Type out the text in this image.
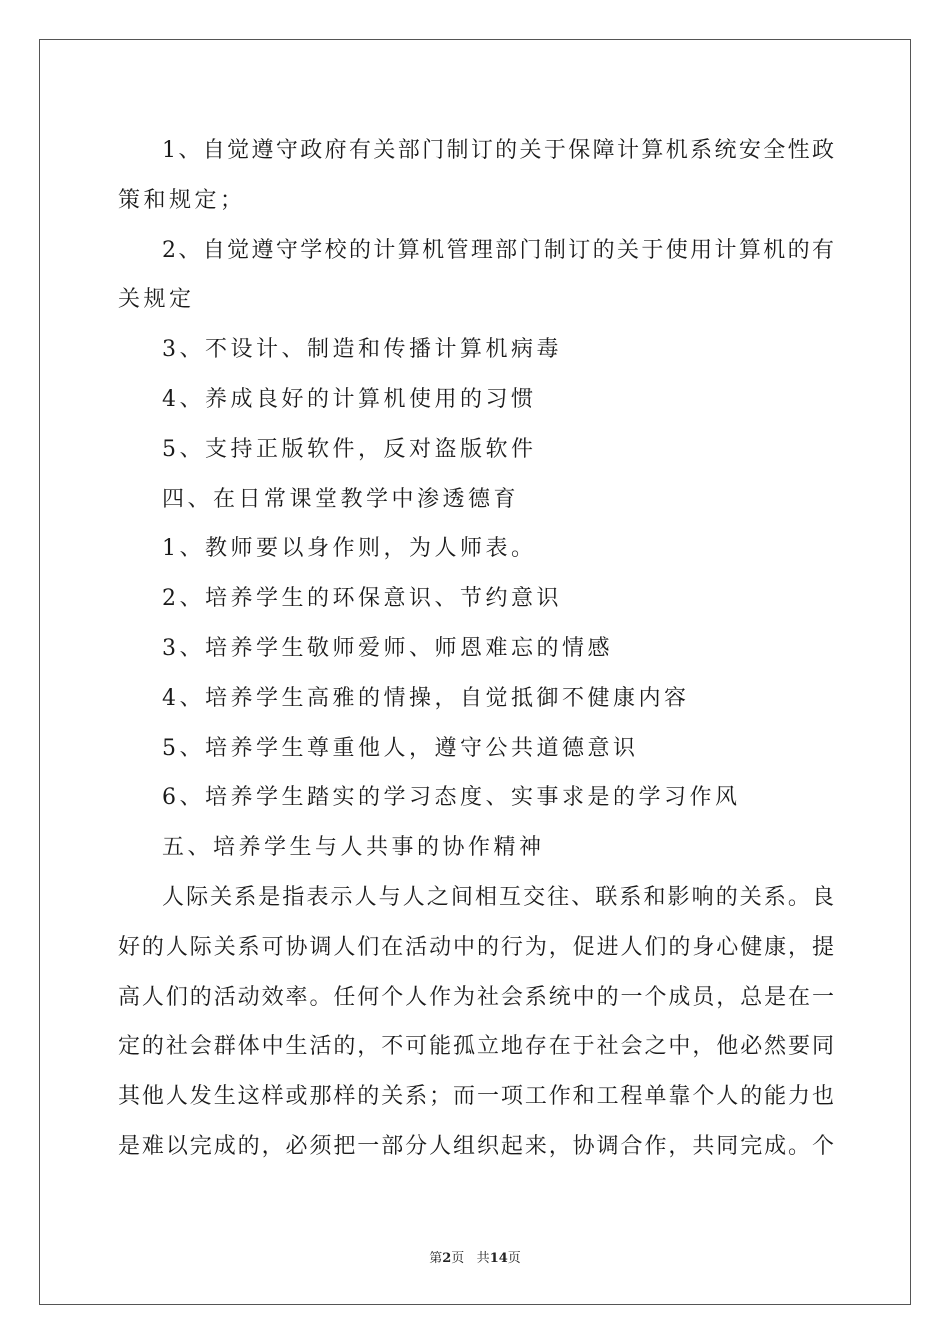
1、自觉遵守政府有关部门制订的关于保障计算机系统安全性政
策和规定；
2、自觉遵守学校的计算机管理部门制订的关于使用计算机的有
关规定
3、不设计、制造和传播计算机病毒
4、养成良好的计算机使用的习惯
5、支持正版软件，反对盗版软件
四、在日常课堂教学中渗透德育
1、教师要以身作则，为人师表。
2、培养学生的环保意识、节约意识
3、培养学生敬师爱师、师恩难忘的情感
4、培养学生高雅的情操，自觉抵御不健康内容
5、培养学生尊重他人，遵守公共道德意识
6、培养学生踏实的学习态度、实事求是的学习作风
五、培养学生与人共事的协作精神
人际关系是指表示人与人之间相互交往、联系和影响的关系。良
好的人际关系可协调人们在活动中的行为，促进人们的身心健康，提
高人们的活动效率。任何个人作为社会系统中的一个成员，总是在一
定的社会群体中生活的，不可能孤立地存在于社会之中，他必然要同
其他人发生这样或那样的关系；而一项工作和工程单靠个人的能力也
是难以完成的，必须把一部分人组织起来，协调合作，共同完成。个
第2页 共14页
